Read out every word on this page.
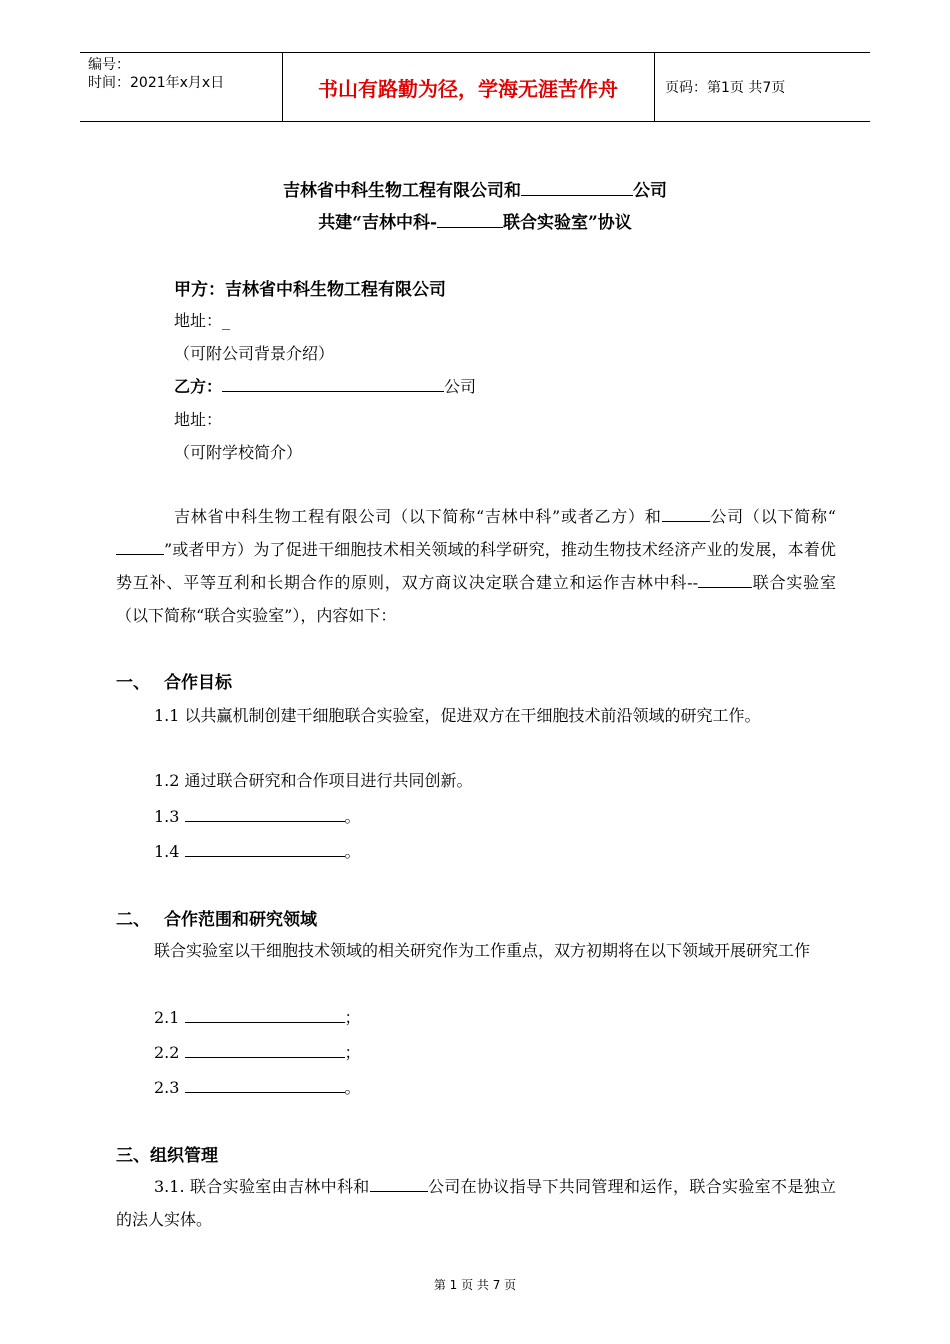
编号：
时间：2021年x月x日	书山有路勤为径，学海无涯苦作舟	页码：第1页 共7页
吉林省中科生物工程有限公司和	公司
共建“吉林中科-	联合实验室”协议
甲方：吉林省中科生物工程有限公司
地址：_
（可附公司背景介绍）
乙方：	公司
地址：
（可附学校简介）
吉林省中科生物工程有限公司（以下简称“吉林中科”或者乙方）和	公司（以下简称“”或者甲方）为了促进干细胞技术相关领域的科学研究，推动生物技术经济产业的发展，本着优势互补、平等互利和长期合作的原则，双方商议决定联合建立和运作吉林中科--	联合实验室（以下简称“联合实验室”），内容如下：
一、 合作目标
1.1 以共赢机制创建干细胞联合实验室，促进双方在干细胞技术前沿领域的研究工作。
1.2 通过联合研究和合作项目进行共同创新。
1.3	。
1.4	。
二、 合作范围和研究领域
联合实验室以干细胞技术领域的相关研究作为工作重点，双方初期将在以下领域开展研究工作
2.1	；
2.2	；
2.3	。
三、组织管理
3.1. 联合实验室由吉林中科和	公司在协议指导下共同管理和运作，联合实验室不是独立的法人实体。
第 1 页 共 7 页
